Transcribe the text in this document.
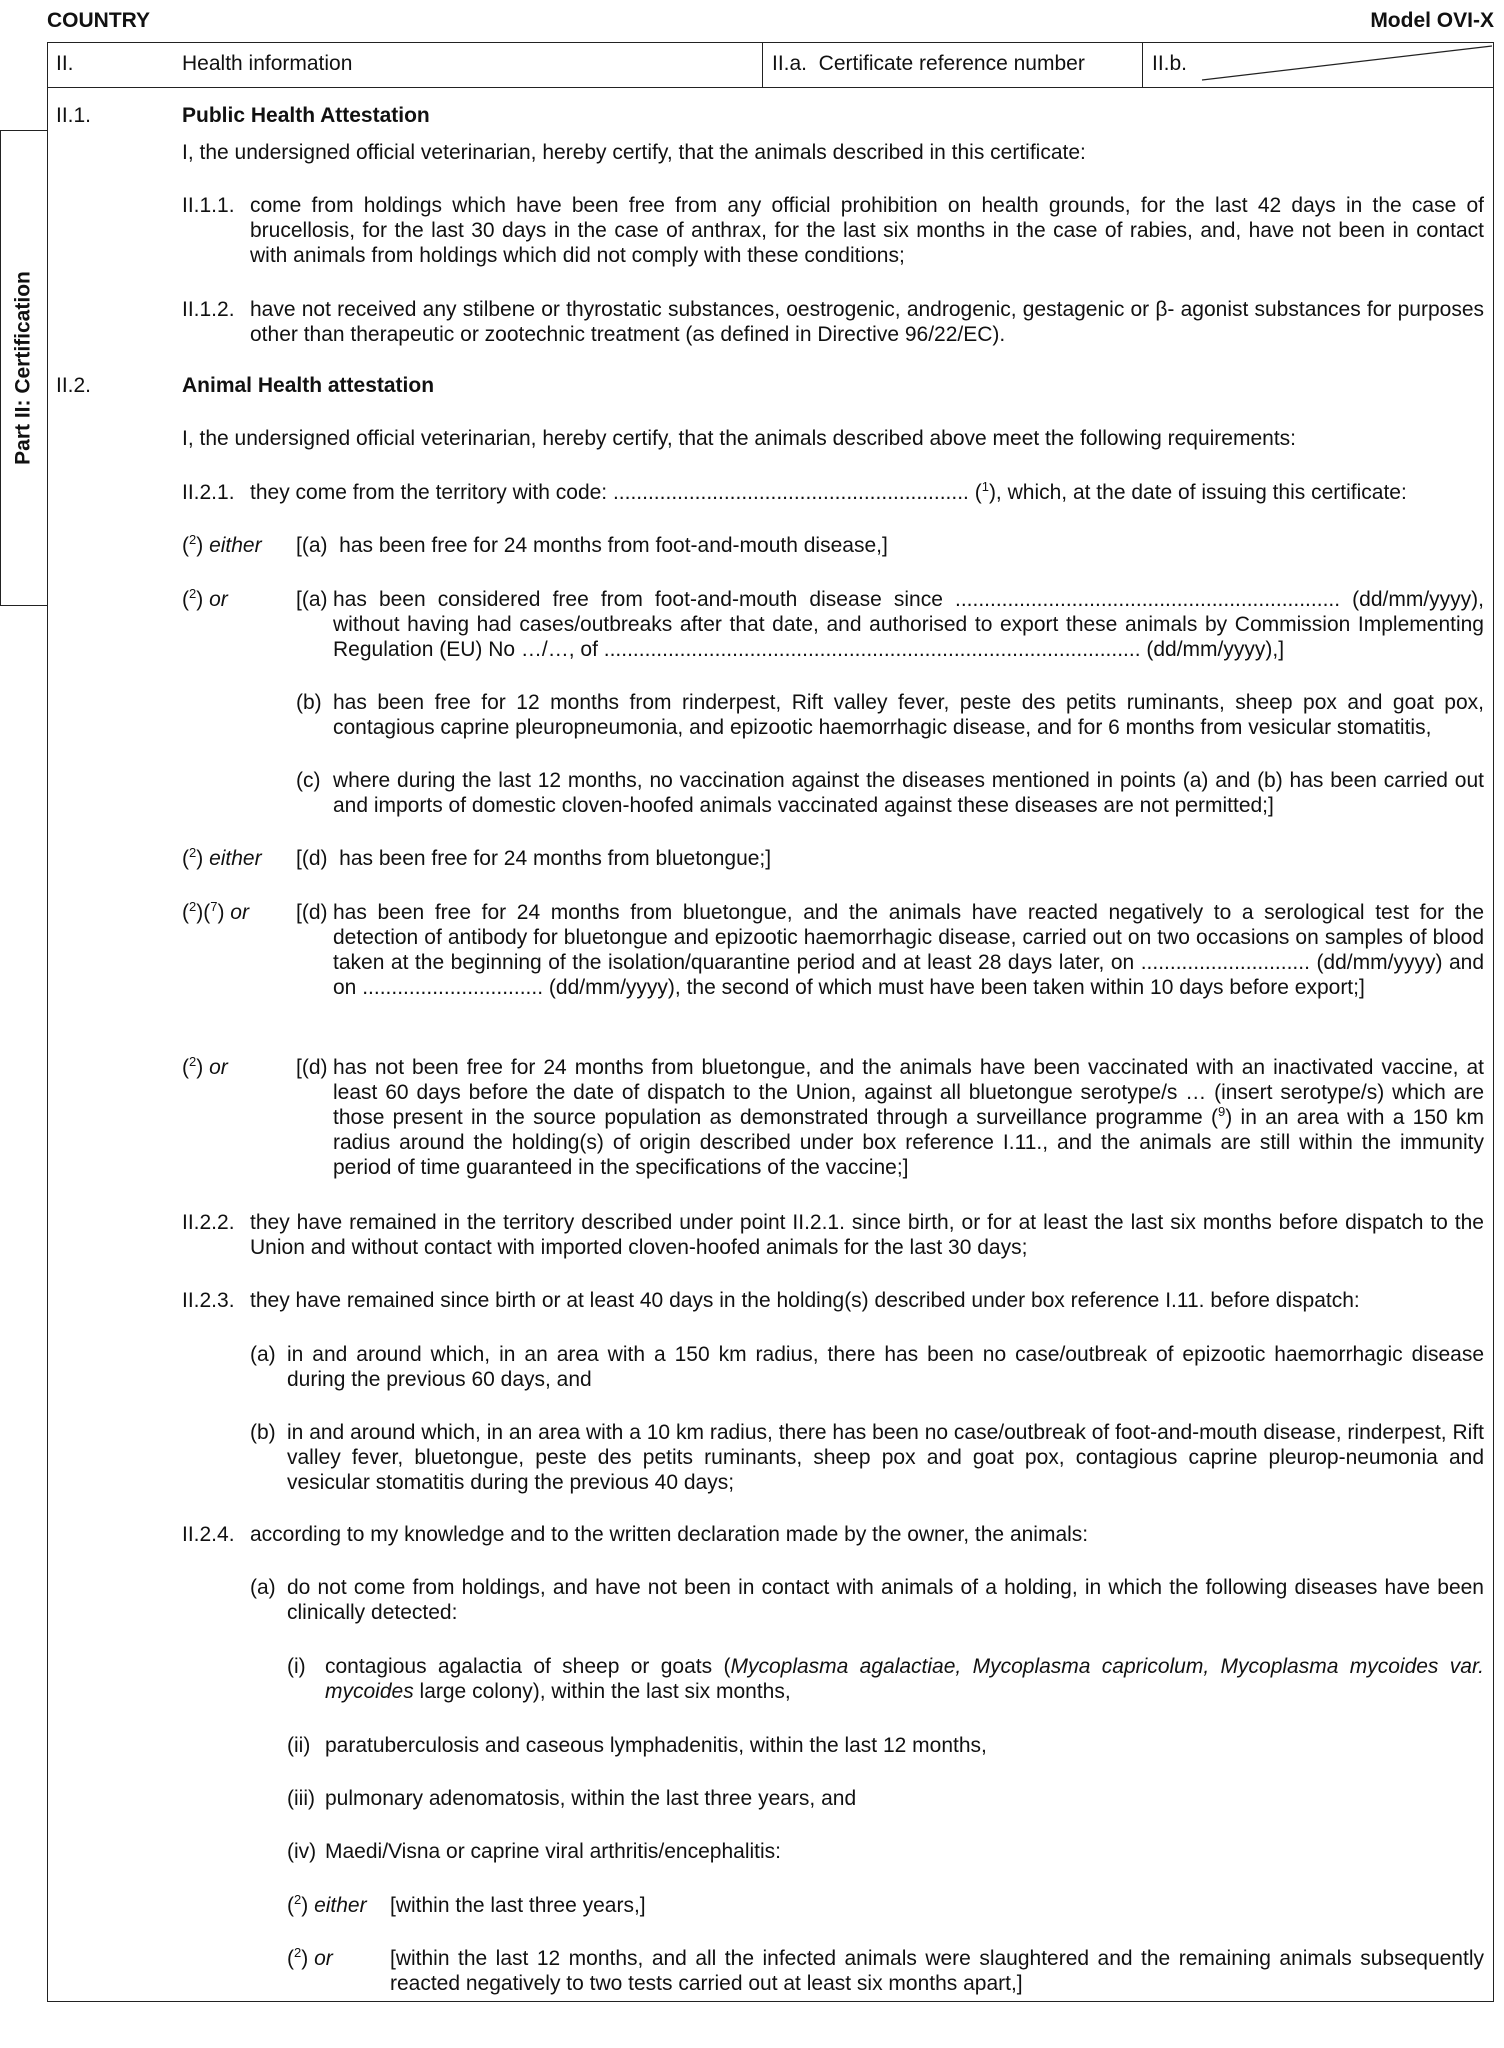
COUNTRY	Model OVI-X
II.	Health information	II.a.  Certificate reference number	II.b.
Part II: Certification
II.1.	Public Health Attestation
I, the undersigned official veterinarian, hereby certify, that the animals described in this certificate:
II.1.1. come from holdings which have been free from any official prohibition on health grounds, for the last 42 days in the case of brucellosis, for the last 30 days in the case of anthrax, for the last six months in the case of rabies, and, have not been in contact with animals from holdings which did not comply with these conditions;
II.1.2. have not received any stilbene or thyrostatic substances, oestrogenic, androgenic, gestagenic or β- agonist substances for purposes other than therapeutic or zootechnic treatment (as defined in Directive 96/22/EC).
II.2.	Animal Health attestation
I, the undersigned official veterinarian, hereby certify, that the animals described above meet the following requirements:
II.2.1. they come from the territory with code: ............................................................. ($^1$), which, at the date of issuing this certificate:
($^2$) either [(a)  has been free for 24 months from foot-and-mouth disease,]
($^2$) or	[(a) has been considered free from foot-and-mouth disease since .................................................................. (dd/mm/yyyy), without having had cases/outbreaks after that date, and authorised to export these animals by Commission Implementing Regulation (EU) No …/…, of ............................................................................................ (dd/mm/yyyy),]
(b) has been free for 12 months from rinderpest, Rift valley fever, peste des petits ruminants, sheep pox and goat pox, contagious caprine pleuropneumonia, and epizootic haemorrhagic disease, and for 6 months from vesicular stomatitis,
(c) where during the last 12 months, no vaccination against the diseases mentioned in points (a) and (b) has been carried out and imports of domestic cloven-hoofed animals vaccinated against these diseases are not permitted;]
($^2$) either [(d)  has been free for 24 months from bluetongue;]
($^2$)($^7$) or [(d) has been free for 24 months from bluetongue, and the animals have reacted negatively to a serological test for the detection of antibody for bluetongue and epizootic haemorrhagic disease, carried out on two occasions on samples of blood taken at the beginning of the isolation/quarantine period and at least 28 days later, on ............................. (dd/mm/yyyy) and on ............................... (dd/mm/yyyy), the second of which must have been taken within 10 days before export;]
($^2$) or	[(d) has not been free for 24 months from bluetongue, and the animals have been vaccinated with an inactivated vaccine, at least 60 days before the date of dispatch to the Union, against all bluetongue serotype/s … (insert serotype/s) which are those present in the source population as demonstrated through a surveillance programme ($^9$) in an area with a 150 km radius around the holding(s) of origin described under box reference I.11., and the animals are still within the immunity period of time guaranteed in the specifications of the vaccine;]
II.2.2. they have remained in the territory described under point II.2.1. since birth, or for at least the last six months before dispatch to the Union and without contact with imported cloven-hoofed animals for the last 30 days;
II.2.3. they have remained since birth or at least 40 days in the holding(s) described under box reference I.11. before dispatch:
(a) in and around which, in an area with a 150 km radius, there has been no case/outbreak of epizootic haemorrhagic disease during the previous 60 days, and
(b) in and around which, in an area with a 10 km radius, there has been no case/outbreak of foot-and-mouth disease, rinderpest, Rift valley fever, bluetongue, peste des petits ruminants, sheep pox and goat pox, contagious caprine pleurop-neumonia and vesicular stomatitis during the previous 40 days;
II.2.4. according to my knowledge and to the written declaration made by the owner, the animals:
(a) do not come from holdings, and have not been in contact with animals of a holding, in which the following diseases have been clinically detected:
(i) contagious agalactia of sheep or goats (Mycoplasma agalactiae, Mycoplasma capricolum, Mycoplasma mycoides var. mycoides large colony), within the last six months,
(ii) paratuberculosis and caseous lymphadenitis, within the last 12 months,
(iii) pulmonary adenomatosis, within the last three years, and
(iv) Maedi/Visna or caprine viral arthritis/encephalitis:
($^2$) either [within the last three years,]
($^2$) or	[within the last 12 months, and all the infected animals were slaughtered and the remaining animals subsequently reacted negatively to two tests carried out at least six months apart,]
